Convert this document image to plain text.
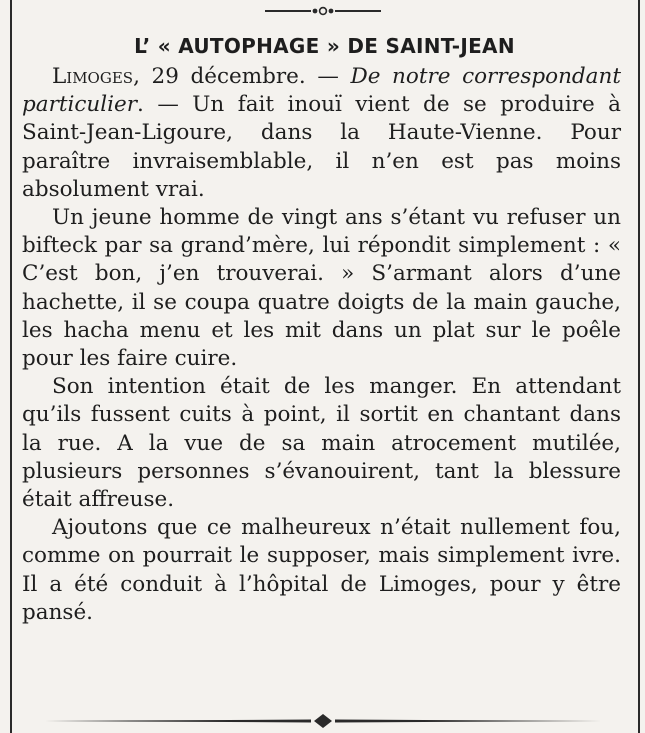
L’ « AUTOPHAGE » DE SAINT-JEAN

Limoges, 29 décembre. — De notre correspondant particulier. — Un fait inouï vient de se produire à Saint-Jean-Ligoure, dans la Haute-Vienne. Pour paraître invraisemblable, il n’en est pas moins absolument vrai.

Un jeune homme de vingt ans s’étant vu refuser un bifteck par sa grand’mère, lui répondit simplement : « C’est bon, j’en trouverai. » S’armant alors d’une hachette, il se coupa quatre doigts de la main gauche, les hacha menu et les mit dans un plat sur le poêle pour les faire cuire.

Son intention était de les manger. En attendant qu’ils fussent cuits à point, il sortit en chantant dans la rue. A la vue de sa main atrocement mutilée, plusieurs personnes s’évanouirent, tant la blessure était affreuse.

Ajoutons que ce malheureux n’était nullement fou, comme on pourrait le supposer, mais simplement ivre. Il a été conduit à l’hôpital de Limoges, pour y être pansé.
